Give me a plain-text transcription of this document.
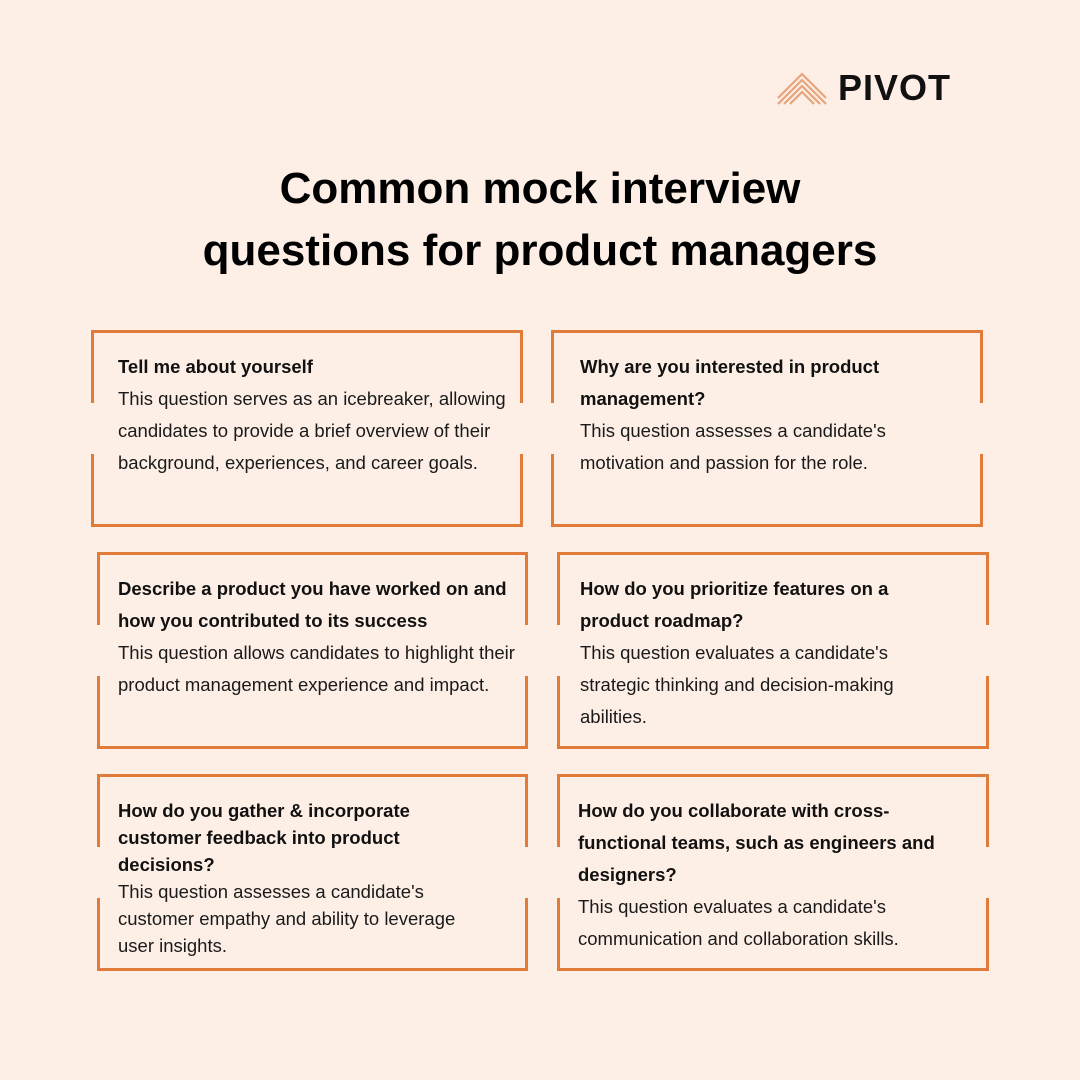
PIVOT
Common mock interview
questions for product managers
Tell me about yourself
This question serves as an icebreaker, allowing candidates to provide a brief overview of their background, experiences, and career goals.
Why are you interested in product management?
This question assesses a candidate's motivation and passion for the role.
Describe a product you have worked on and how you contributed to its success
This question allows candidates to highlight their product management experience and impact.
How do you prioritize features on a product roadmap?
This question evaluates a candidate's strategic thinking and decision-making abilities.
How do you gather & incorporate customer feedback into product decisions?
This question assesses a candidate's customer empathy and ability to leverage user insights.
How do you collaborate with cross-functional teams, such as engineers and designers?
This question evaluates a candidate's communication and collaboration skills.
